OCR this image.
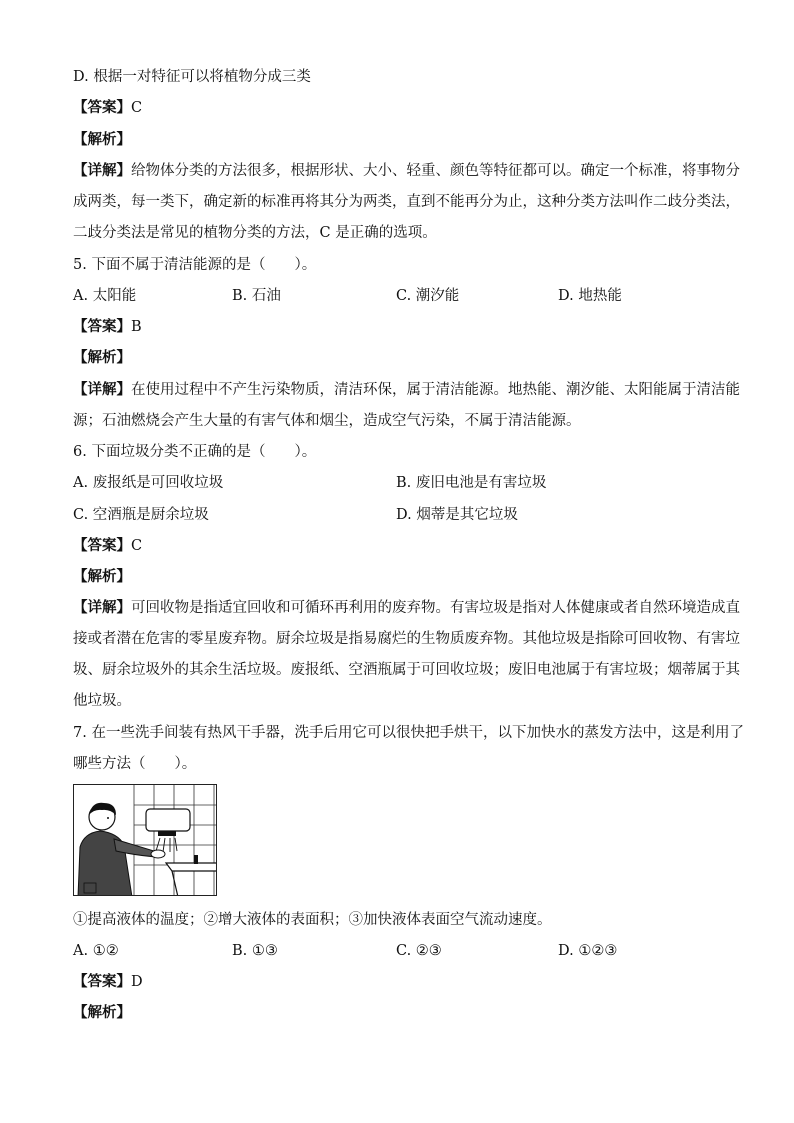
D. 根据一对特征可以将植物分成三类
【答案】C
【解析】
【详解】给物体分类的方法很多，根据形状、大小、轻重、颜色等特征都可以。确定一个标准，将事物分
成两类，每一类下，确定新的标准再将其分为两类，直到不能再分为止，这种分类方法叫作二歧分类法，
二歧分类法是常见的植物分类的方法，C 是正确的选项。
5. 下面不属于清洁能源的是（　　）。
A. 太阳能	B. 石油	C. 潮汐能	D. 地热能
【答案】B
【解析】
【详解】在使用过程中不产生污染物质，清洁环保，属于清洁能源。地热能、潮汐能、太阳能属于清洁能
源；石油燃烧会产生大量的有害气体和烟尘，造成空气污染，不属于清洁能源。
6. 下面垃圾分类不正确的是（　　）。
A. 废报纸是可回收垃圾	B. 废旧电池是有害垃圾
C. 空酒瓶是厨余垃圾	D. 烟蒂是其它垃圾
【答案】C
【解析】
【详解】可回收物是指适宜回收和可循环再利用的废弃物。有害垃圾是指对人体健康或者自然环境造成直
接或者潜在危害的零星废弃物。厨余垃圾是指易腐烂的生物质废弃物。其他垃圾是指除可回收物、有害垃
圾、厨余垃圾外的其余生活垃圾。废报纸、空酒瓶属于可回收垃圾；废旧电池属于有害垃圾；烟蒂属于其
他垃圾。
7. 在一些洗手间装有热风干手器，洗手后用它可以很快把手烘干，以下加快水的蒸发方法中，这是利用了
哪些方法（　　）。
①提高液体的温度；②增大液体的表面积；③加快液体表面空气流动速度。
A. ①②	B. ①③	C. ②③	D. ①②③
【答案】D
【解析】
